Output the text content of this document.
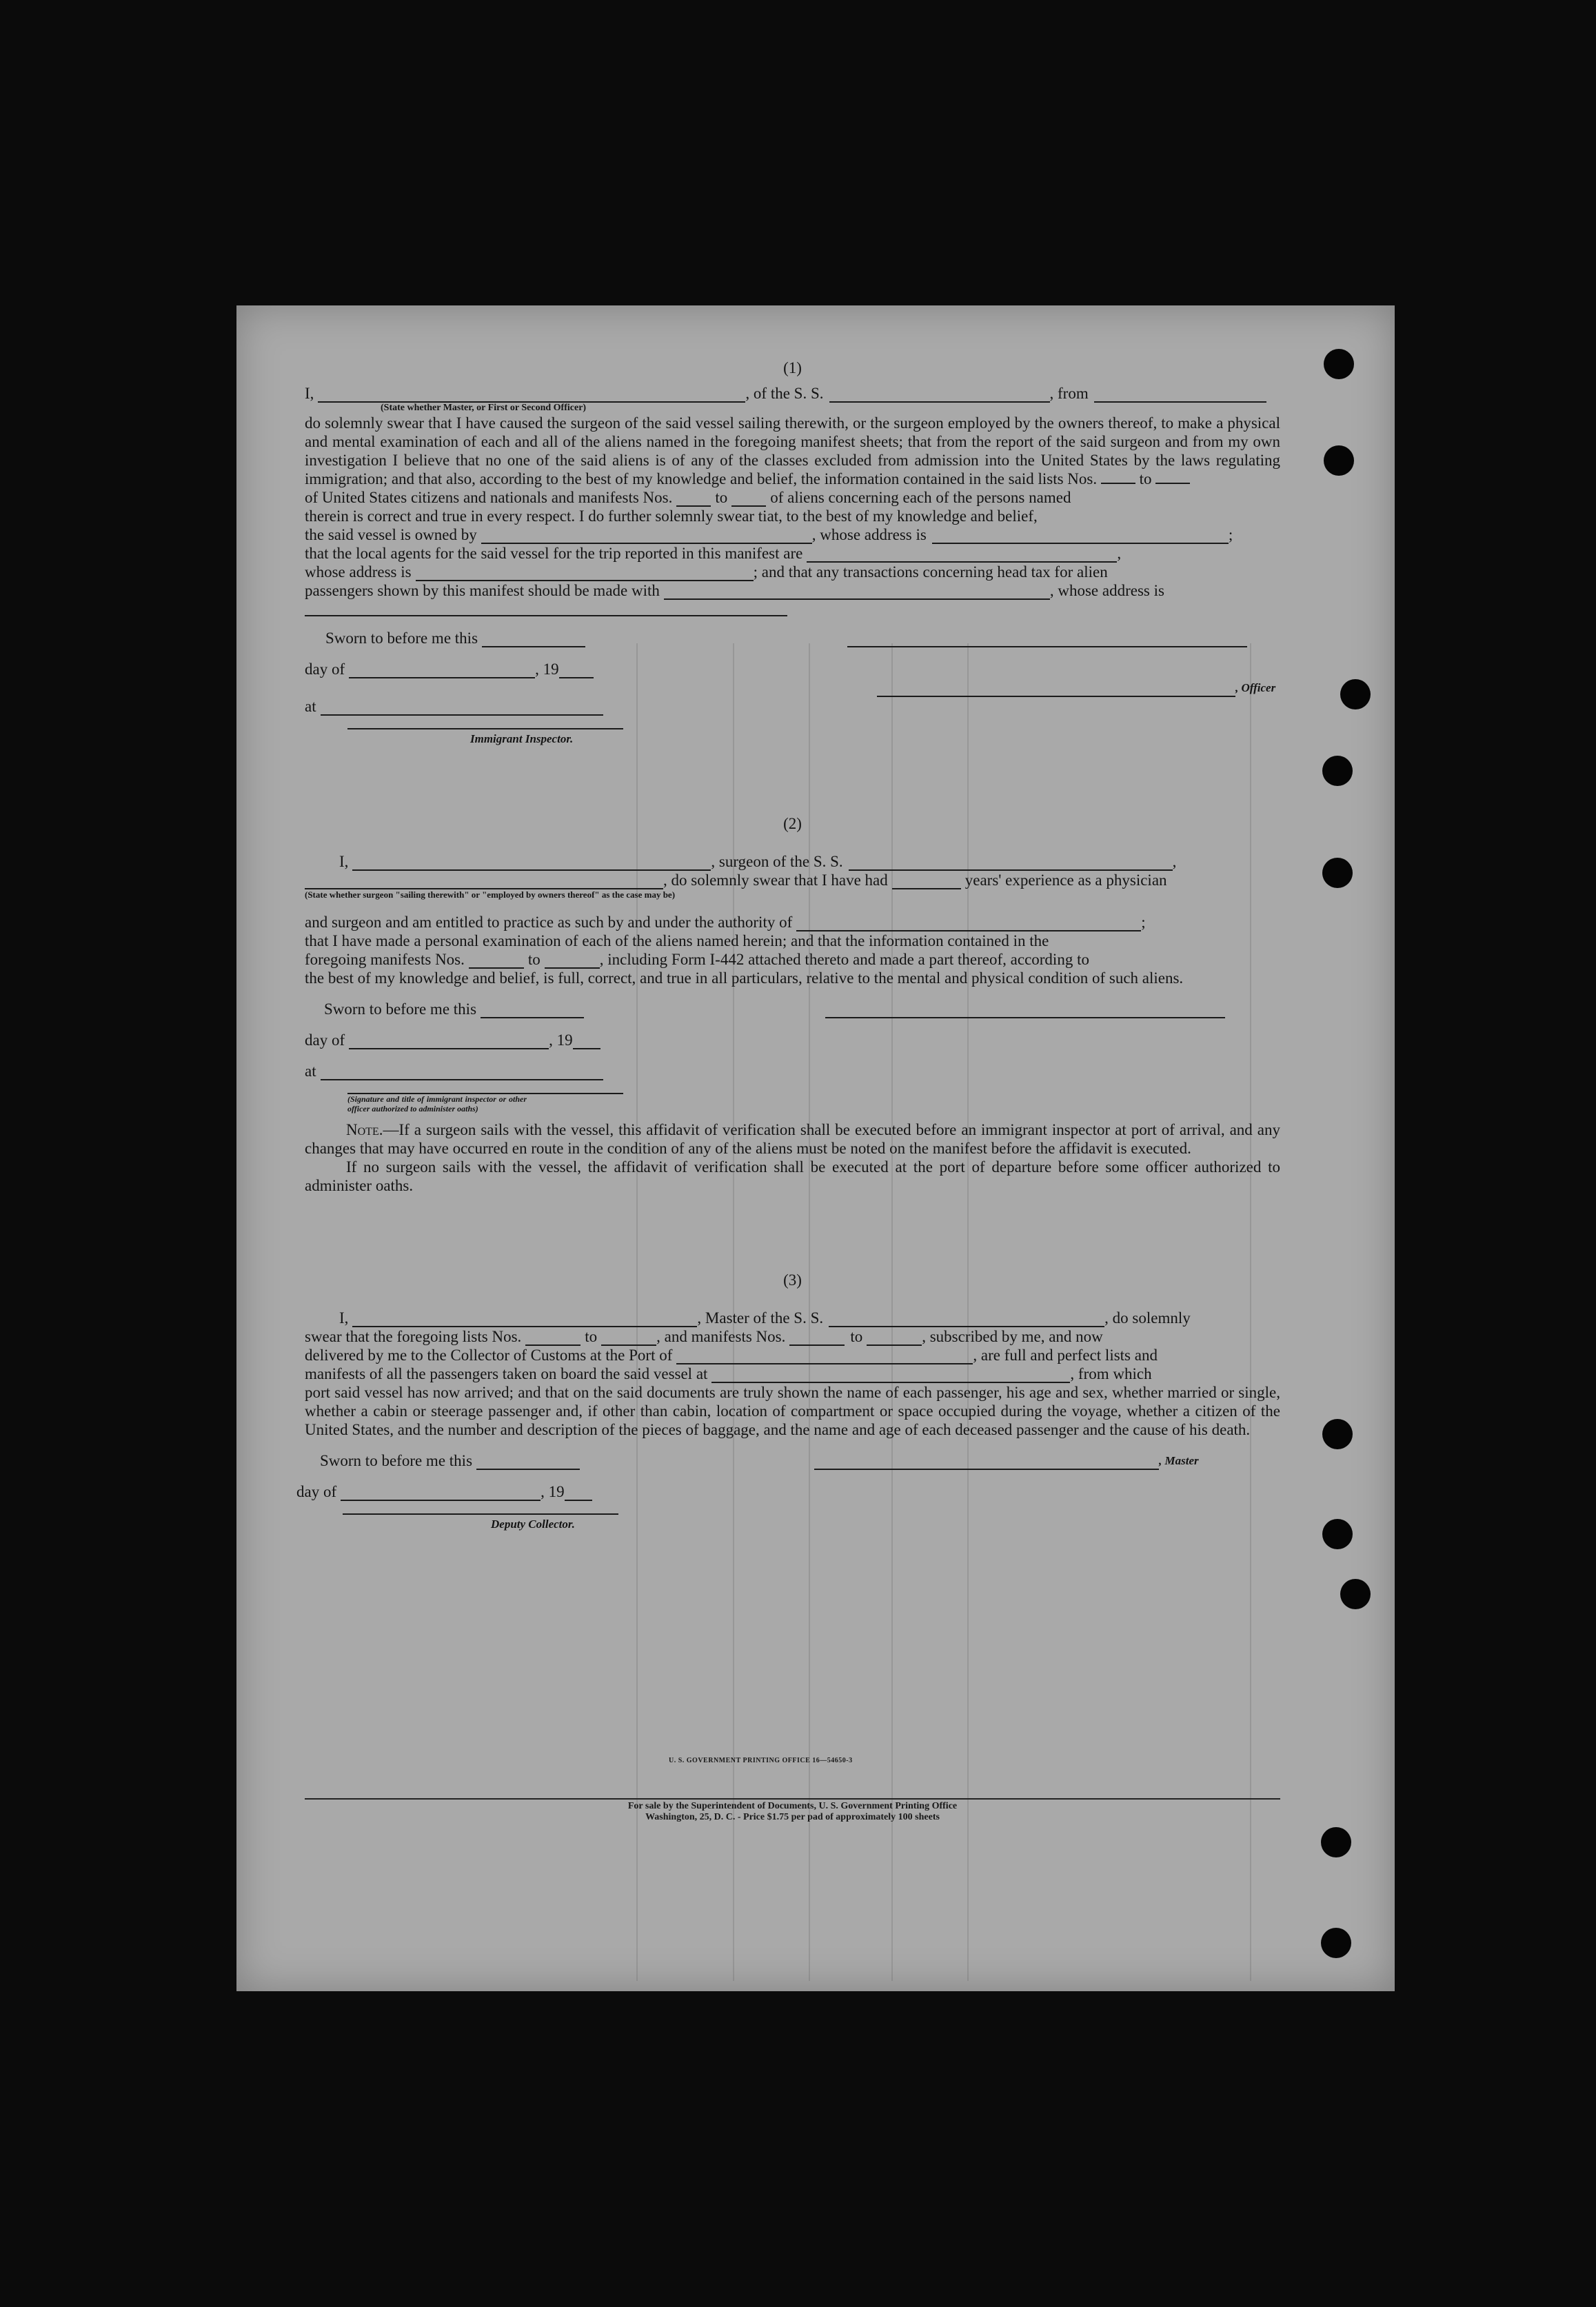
(1)
I,	, of the S. S.	, from
(State whether Master, or First or Second Officer)

do solemnly swear that I have caused the surgeon of the said vessel sailing therewith, or the surgeon employed by the owners thereof, to make a physical and mental examination of each and all of the aliens named in the foregoing manifest sheets; that from the report of the said surgeon and from my own investigation I believe that no one of the said aliens is of any of the classes excluded from admission into the United States by the laws regulating immigration; and that also, according to the best of my knowledge and belief, the information contained in the said lists Nos.	to

of United States citizens and nationals and manifests Nos.	to	of aliens concerning each of the persons named

therein is correct and true in every respect. I do further solemnly swear tiat, to the best of my knowledge and belief,

the said vessel is owned by	, whose address is	;
that the local agents for the said vessel for the trip reported in this manifest are	,
whose address is	; and that any transactions concerning head tax for alien
passengers shown by this manifest should be made with	, whose address is
Sworn to before me this
day of	, 19
, Officer
at
Immigrant Inspector.
(2)
I,	, surgeon of the S. S.	,
, do solemnly swear that I have had	years' experience as a physician
(State whether surgeon "sailing therewith" or "employed by owners thereof" as the case may be)
and surgeon and am entitled to practice as such by and under the authority of	;

that I have made a personal examination of each of the aliens named herein; and that the information contained in the

foregoing manifests Nos.	to	, including Form I-442 attached thereto and made a part thereof, according to

the best of my knowledge and belief, is full, correct, and true in all particulars, relative to the mental and physical condition of such aliens.

Sworn to before me this
day of	, 19
at
(Signature and title of immigrant inspector or other officer authorized to administer oaths)

Note.—If a surgeon sails with the vessel, this affidavit of verification shall be executed before an immigrant inspector at port of arrival, and any changes that may have occurred en route in the condition of any of the aliens must be noted on the manifest before the affidavit is executed.

If no surgeon sails with the vessel, the affidavit of verification shall be executed at the port of departure before some officer authorized to administer oaths.

(3)
I,	, Master of the S. S.	, do solemnly
swear that the foregoing lists Nos.	to	, and manifests Nos.	to	, subscribed by me, and now
delivered by me to the Collector of Customs at the Port of	, are full and perfect lists and
manifests of all the passengers taken on board the said vessel at	, from which

port said vessel has now arrived; and that on the said documents are truly shown the name of each passenger, his age and sex, whether married or single, whether a cabin or steerage passenger and, if other than cabin, location of compartment or space occupied during the voyage, whether a citizen of the United States, and the number and description of the pieces of baggage, and the name and age of each deceased passenger and the cause of his death.

Sworn to before me this	, Master
day of	, 19
Deputy Collector.
U. S. GOVERNMENT PRINTING OFFICE 16—54650-3
For sale by the Superintendent of Documents, U. S. Government Printing Office
Washington, 25, D. C. - Price $1.75 per pad of approximately 100 sheets
